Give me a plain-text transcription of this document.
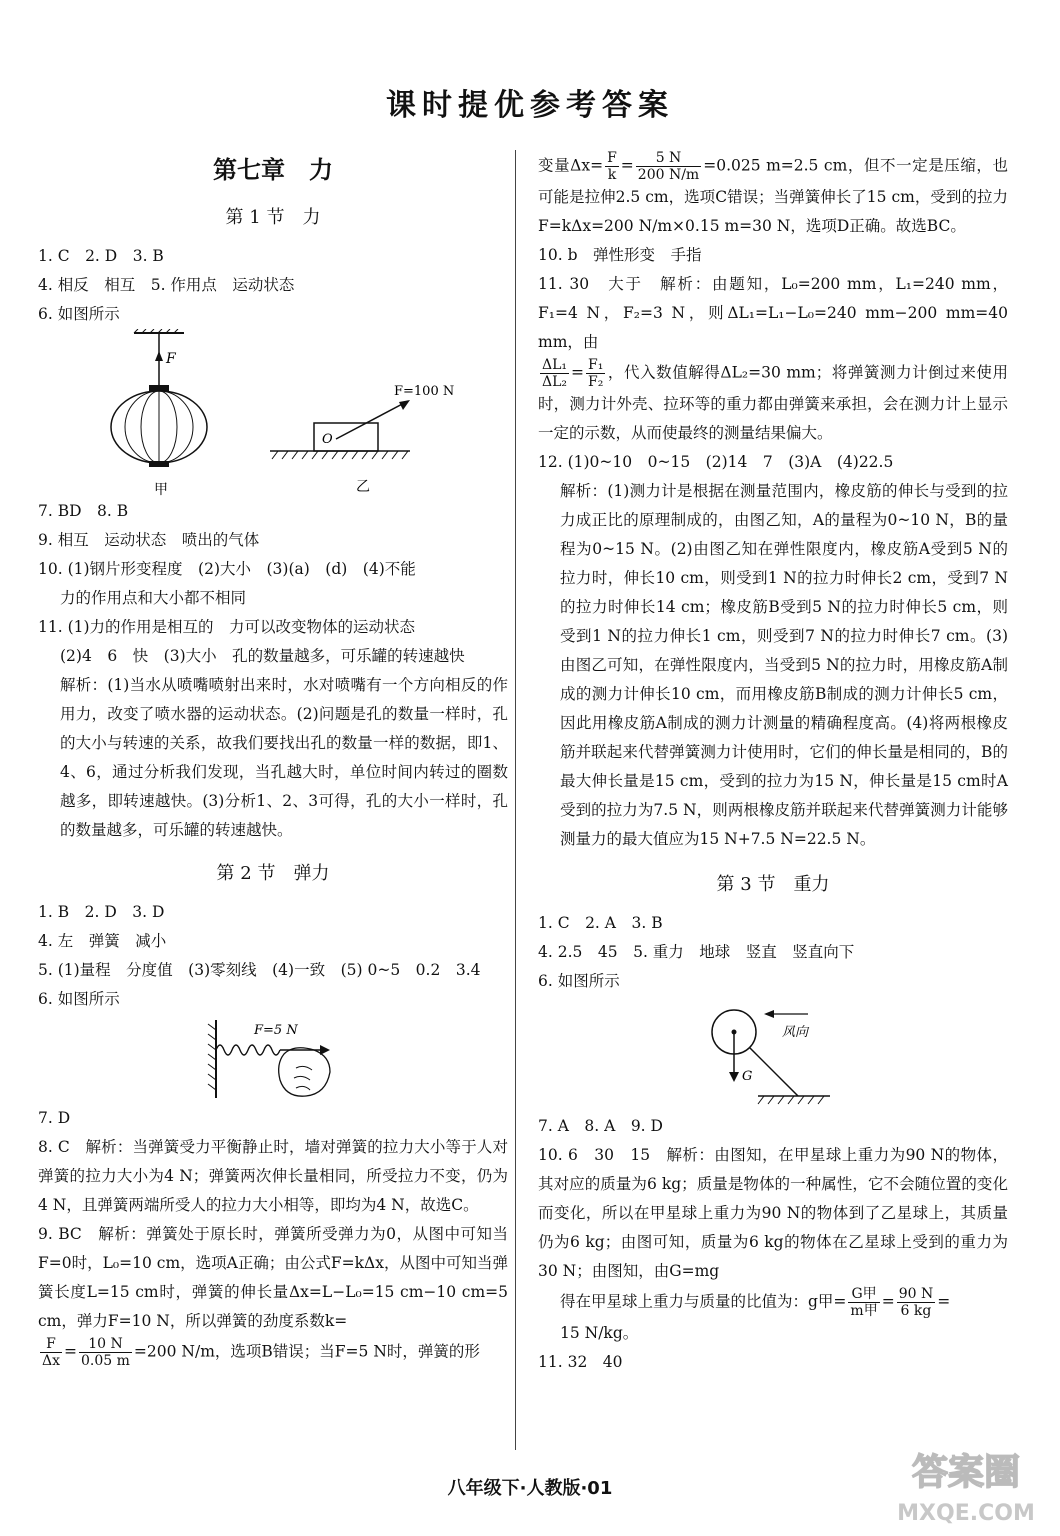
课时提优参考答案
第七章　力
第 1 节　力
1. C　2. D　3. B
4. 相反　相互　5. 作用点　运动状态
6. 如图所示
F
甲
O
F=100 N
乙
7. BD　8. B
9. 相互　运动状态　喷出的气体
10. (1)钢片形变程度　(2)大小　(3)(a)　(d)　(4)不能
力的作用点和大小都不相同
11. (1)力的作用是相互的　力可以改变物体的运动状态
(2)4　6　快　(3)大小　孔的数量越多，可乐罐的转速越快
解析：(1)当水从喷嘴喷射出来时，水对喷嘴有一个方向相反的作用力，改变了喷水器的运动状态。(2)问题是孔的数量一样时，孔的大小与转速的关系，故我们要找出孔的数量一样的数据，即1、4、6，通过分析我们发现，当孔越大时，单位时间内转过的圈数越多，即转速越快。(3)分析1、2、3可得，孔的大小一样时，孔的数量越多，可乐罐的转速越快。
第 2 节　弹力
1. B　2. D　3. D
4. 左　弹簧　减小
5. (1)量程　分度值　(3)零刻线　(4)一致　(5) 0~5　0.2　3.4
6. 如图所示
F=5 N
7. D
8. C　解析：当弹簧受力平衡静止时，墙对弹簧的拉力大小等于人对弹簧的拉力大小为4 N；弹簧两次伸长量相同，所受拉力不变，仍为4 N，且弹簧两端所受人的拉力大小相等，即均为4 N，故选C。
9. BC　解析：弹簧处于原长时，弹簧所受弹力为0，从图中可知当F=0时，L₀=10 cm，选项A正确；由公式F=kΔx，从图中可知当弹簧长度L=15 cm时，弹簧的伸长量Δx=L−L₀=15 cm−10 cm=5 cm，弹力F=10 N，所以弹簧的劲度系数k=
$\frac{F}{\Delta x} = \frac{10 N}{0.05 m} =200$ N/m，选项B错误；当F=5 N时，弹簧的形
变量$\Delta x= \frac{F}{k} = \frac{5 N}{200 N/m} =0.025$ m=2.5 cm，但不一定是压缩，也可能是拉伸2.5 cm，选项C错误；当弹簧伸长了15 cm，受到的拉力F=kΔx=200 N/m×0.15 m=30 N，选项D正确。故选BC。
10. b　弹性形变　手指
11. 30　大于　解析：由题知，L₀=200 mm，L₁=240 mm，F₁=4 N，F₂=3 N，则ΔL₁=L₁−L₀=240 mm−200 mm=40 mm，由
$\frac{\text{ΔL₁}}{\text{ΔL₂}} = \frac{\text{F₁}}{\text{F₂}}$ ，代入数值解得ΔL₂=30 mm；将弹簧测力计倒过来使用时，测力计外壳、拉环等的重力都由弹簧来承担，会在测力计上显示一定的示数，从而使最终的测量结果偏大。
12. (1)0~10　0~15　(2)14　7　(3)A　(4)22.5
解析：(1)测力计是根据在测量范围内，橡皮筋的伸长与受到的拉力成正比的原理制成的，由图乙知，A的量程为0~10 N，B的量程为0~15 N。(2)由图乙知在弹性限度内，橡皮筋A受到5 N的拉力时，伸长10 cm，则受到1 N的拉力时伸长2 cm，受到7 N的拉力时伸长14 cm；橡皮筋B受到5 N的拉力时伸长5 cm，则受到1 N的拉力伸长1 cm，则受到7 N的拉力时伸长7 cm。(3)由图乙可知，在弹性限度内，当受到5 N的拉力时，用橡皮筋A制成的测力计伸长10 cm，而用橡皮筋B制成的测力计伸长5 cm，因此用橡皮筋A制成的测力计测量的精确程度高。(4)将两根橡皮筋并联起来代替弹簧测力计使用时，它们的伸长量是相同的，B的最大伸长量是15 cm，受到的拉力为15 N，伸长量是15 cm时A受到的拉力为7.5 N，则两根橡皮筋并联起来代替弹簧测力计能够测量力的最大值应为15 N+7.5 N=22.5 N。
第 3 节　重力
1. C　2. A　3. B
4. 2.5　45　5. 重力　地球　竖直　竖直向下
6. 如图所示
G
风向
7. A　8. A　9. D
10. 6　30　15　解析：由图知，在甲星球上重力为90 N的物体，其对应的质量为6 kg；质量是物体的一种属性，它不会随位置的变化而变化，所以在甲星球上重力为90 N的物体到了乙星球上，其质量仍为6 kg；由图可知，质量为6 kg的物体在乙星球上受到的重力为30 N；由图知，由G=mg
得在甲星球上重力与质量的比值为：g甲= $\frac{\text{G甲}}{\text{m甲}} = \frac{90 N}{6 kg}$ =
15 N/kg。
11. 32　40
八年级下·人教版·01	答案圈
MXQE.COM
